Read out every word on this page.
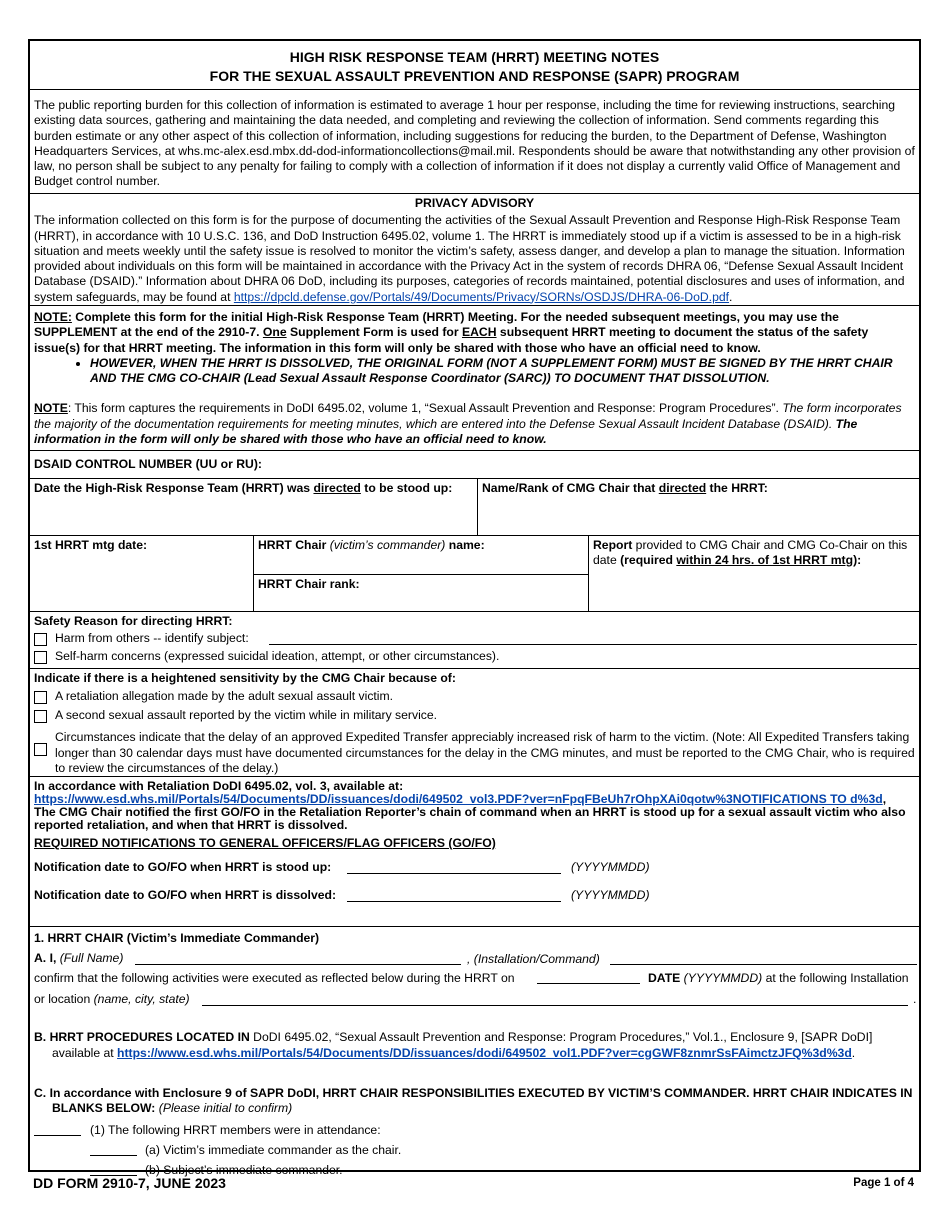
HIGH RISK RESPONSE TEAM (HRRT) MEETING NOTES
FOR THE SEXUAL ASSAULT PREVENTION AND RESPONSE (SAPR) PROGRAM
The public reporting burden for this collection of information is estimated to average 1 hour per response, including the time for reviewing instructions, searching existing data sources, gathering and maintaining the data needed, and completing and reviewing the collection of information. Send comments regarding this burden estimate or any other aspect of this collection of information, including suggestions for reducing the burden, to the Department of Defense, Washington Headquarters Services, at whs.mc-alex.esd.mbx.dd-dod-informationcollections@mail.mil. Respondents should be aware that notwithstanding any other provision of law, no person shall be subject to any penalty for failing to comply with a collection of information if it does not display a currently valid Office of Management and Budget control number.
PRIVACY ADVISORY
The information collected on this form is for the purpose of documenting the activities of the Sexual Assault Prevention and Response High-Risk Response Team (HRRT), in accordance with 10 U.S.C. 136, and DoD Instruction 6495.02, volume 1. The HRRT is immediately stood up if a victim is assessed to be in a high-risk situation and meets weekly until the safety issue is resolved to monitor the victim’s safety, assess danger, and develop a plan to manage the situation. Information provided about individuals on this form will be maintained in accordance with the Privacy Act in the system of records DHRA 06, “Defense Sexual Assault Incident Database (DSAID).” Information about DHRA 06 DoD, including its purposes, categories of records maintained, potential disclosures and uses of information, and system safeguards, may be found at https://dpcld.defense.gov/Portals/49/Documents/Privacy/SORNs/OSDJS/DHRA-06-DoD.pdf.
NOTE: Complete this form for the initial High-Risk Response Team (HRRT) Meeting. For the needed subsequent meetings, you may use the SUPPLEMENT at the end of the 2910-7. One Supplement Form is used for EACH subsequent HRRT meeting to document the status of the safety issue(s) for that HRRT meeting. The information in this form will only be shared with those who have an official need to know.
• HOWEVER, WHEN THE HRRT IS DISSOLVED, THE ORIGINAL FORM (NOT A SUPPLEMENT FORM) MUST BE SIGNED BY THE HRRT CHAIR AND THE CMG CO-CHAIR (Lead Sexual Assault Response Coordinator (SARC)) TO DOCUMENT THAT DISSOLUTION.
NOTE: This form captures the requirements in DoDI 6495.02, volume 1, “Sexual Assault Prevention and Response: Program Procedures”. The form incorporates the majority of the documentation requirements for meeting minutes, which are entered into the Defense Sexual Assault Incident Database (DSAID). The information in the form will only be shared with those who have an official need to know.
DSAID CONTROL NUMBER (UU or RU):
Date the High-Risk Response Team (HRRT) was directed to be stood up:	Name/Rank of CMG Chair that directed the HRRT:
1st HRRT mtg date:	HRRT Chair (victim’s commander) name:
HRRT Chair rank:
Report provided to CMG Chair and CMG Co-Chair on this date (required within 24 hrs. of 1st HRRT mtg):
Safety Reason for directing HRRT:
Harm from others -- identify subject:
Self-harm concerns (expressed suicidal ideation, attempt, or other circumstances).
Indicate if there is a heightened sensitivity by the CMG Chair because of:
A retaliation allegation made by the adult sexual assault victim.
A second sexual assault reported by the victim while in military service.
Circumstances indicate that the delay of an approved Expedited Transfer appreciably increased risk of harm to the victim. (Note: All Expedited Transfers taking longer than 30 calendar days must have documented circumstances for the delay in the CMG minutes, and must be reported to the CMG Chair, who is required to review the circumstances of the delay.)
In accordance with Retaliation DoDI 6495.02, vol. 3, available at:
https://www.esd.whs.mil/Portals/54/Documents/DD/issuances/dodi/649502_vol3.PDF?ver=nFpqFBeUh7rOhpXAi0qotw%3NOTIFICATIONS TO d%3d,
The CMG Chair notified the first GO/FO in the Retaliation Reporter’s chain of command when an HRRT is stood up for a sexual assault victim who also reported retaliation, and when that HRRT is dissolved.
REQUIRED NOTIFICATIONS TO GENERAL OFFICERS/FLAG OFFICERS (GO/FO)
Notification date to GO/FO when HRRT is stood up:	(YYYYMMDD)
Notification date to GO/FO when HRRT is dissolved:	(YYYYMMDD)
1. HRRT CHAIR (Victim’s Immediate Commander)
A. I, (Full Name)	, (Installation/Command)
confirm that the following activities were executed as reflected below during the HRRT on	DATE (YYYYMMDD) at the following Installation
or location (name, city, state)	.
B. HRRT PROCEDURES LOCATED IN DoDI 6495.02, “Sexual Assault Prevention and Response: Program Procedures,” Vol.1., Enclosure 9, [SAPR DoDI] available at https://www.esd.whs.mil/Portals/54/Documents/DD/issuances/dodi/649502_vol1.PDF?ver=cgGWF8znmrSsFAimctzJFQ%3d%3d.
C. In accordance with Enclosure 9 of SAPR DoDI, HRRT CHAIR RESPONSIBILITIES EXECUTED BY VICTIM’S COMMANDER. HRRT CHAIR INDICATES IN BLANKS BELOW: (Please initial to confirm)
(1) The following HRRT members were in attendance:
(a) Victim’s immediate commander as the chair.
(b) Subject’s immediate commander.
DD FORM 2910-7, JUNE 2023	Page 1 of 4
